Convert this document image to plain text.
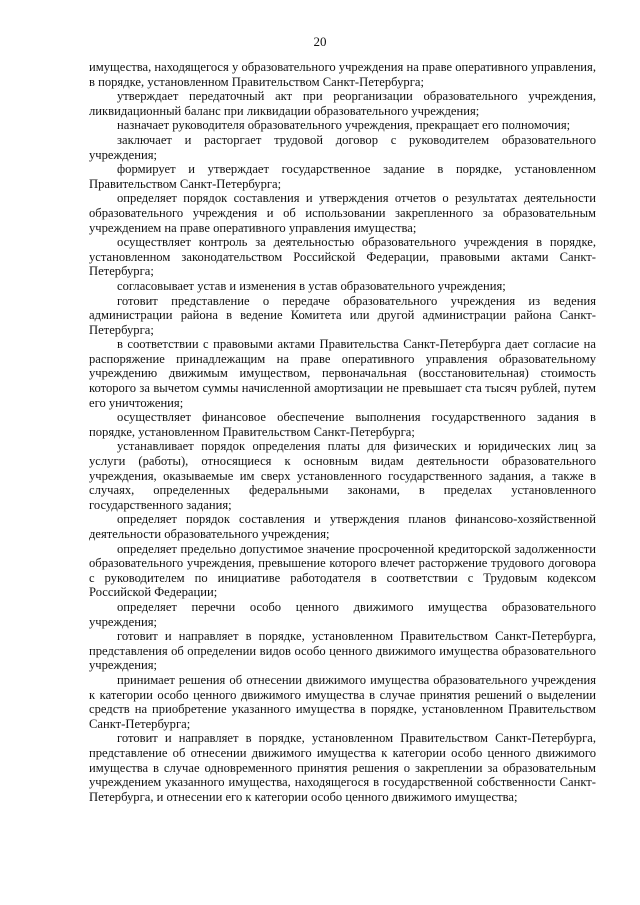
20

имущества, находящегося у образовательного учреждения на праве оперативного управления, в порядке, установленном Правительством Санкт-Петербурга;

утверждает передаточный акт при реорганизации образовательного учреждения, ликвидационный баланс при ликвидации образовательного учреждения;

назначает руководителя образовательного учреждения, прекращает его полномочия;

заключает и расторгает трудовой договор с руководителем образовательного учреждения;

формирует и утверждает государственное задание в порядке, установленном Правительством Санкт-Петербурга;

определяет порядок составления и утверждения отчетов о результатах деятельности образовательного учреждения и об использовании закрепленного за образовательным учреждением на праве оперативного управления имущества;

осуществляет контроль за деятельностью образовательного учреждения в порядке, установленном законодательством Российской Федерации, правовыми актами Санкт-Петербурга;

согласовывает устав и изменения в устав образовательного учреждения;

готовит представление о передаче образовательного учреждения из ведения администрации района в ведение Комитета или другой администрации района Санкт-Петербурга;

в соответствии с правовыми актами Правительства Санкт-Петербурга дает согласие на распоряжение принадлежащим на праве оперативного управления образовательному учреждению движимым имуществом, первоначальная (восстановительная) стоимость которого за вычетом суммы начисленной амортизации не превышает ста тысяч рублей, путем его уничтожения;

осуществляет финансовое обеспечение выполнения государственного задания в порядке, установленном Правительством Санкт-Петербурга;

устанавливает порядок определения платы для физических и юридических лиц за услуги (работы), относящиеся к основным видам деятельности образовательного учреждения, оказываемые им сверх установленного государственного задания, а также в случаях, определенных федеральными законами, в пределах установленного государственного задания;

определяет порядок составления и утверждения планов финансово-хозяйственной деятельности образовательного учреждения;

определяет предельно допустимое значение просроченной кредиторской задолженности образовательного учреждения, превышение которого влечет расторжение трудового договора с руководителем по инициативе работодателя в соответствии с Трудовым кодексом Российской Федерации;

определяет перечни особо ценного движимого имущества образовательного учреждения;

готовит и направляет в порядке, установленном Правительством Санкт-Петербурга, представления об определении видов особо ценного движимого имущества образовательного учреждения;

принимает решения об отнесении движимого имущества образовательного учреждения к категории особо ценного движимого имущества в случае принятия решений о выделении средств на приобретение указанного имущества в порядке, установленном Правительством Санкт-Петербурга;

готовит и направляет в порядке, установленном Правительством Санкт-Петербурга, представление об отнесении движимого имущества к категории особо ценного движимого имущества в случае одновременного принятия решения о закреплении за образовательным учреждением указанного имущества, находящегося в государственной собственности Санкт-Петербурга, и отнесении его к категории особо ценного движимого имущества;
